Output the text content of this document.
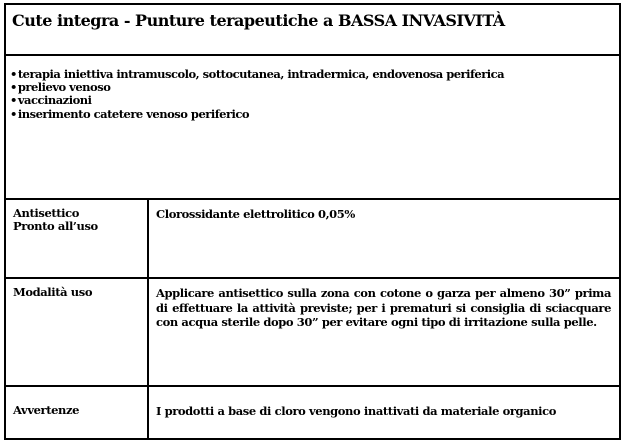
Cute integra - Punture terapeutiche a BASSA INVASIVITÀ
• terapia iniettiva intramuscolo, sottocutanea, intradermica, endovenosa periferica
• prelievo venoso
• vaccinazioni
• inserimento catetere venoso periferico
Antisettico
Pronto all’uso
Clorossidante elettrolitico 0,05%
Modalità uso	Applicare antisettico sulla zona con cotone o garza per almeno 30” prima di effettuare la attività previste; per i prematuri si consiglia di sciacquare con acqua sterile dopo 30” per evitare ogni tipo di irritazione sulla pelle.
Avvertenze	I prodotti a base di cloro vengono inattivati da materiale organico
